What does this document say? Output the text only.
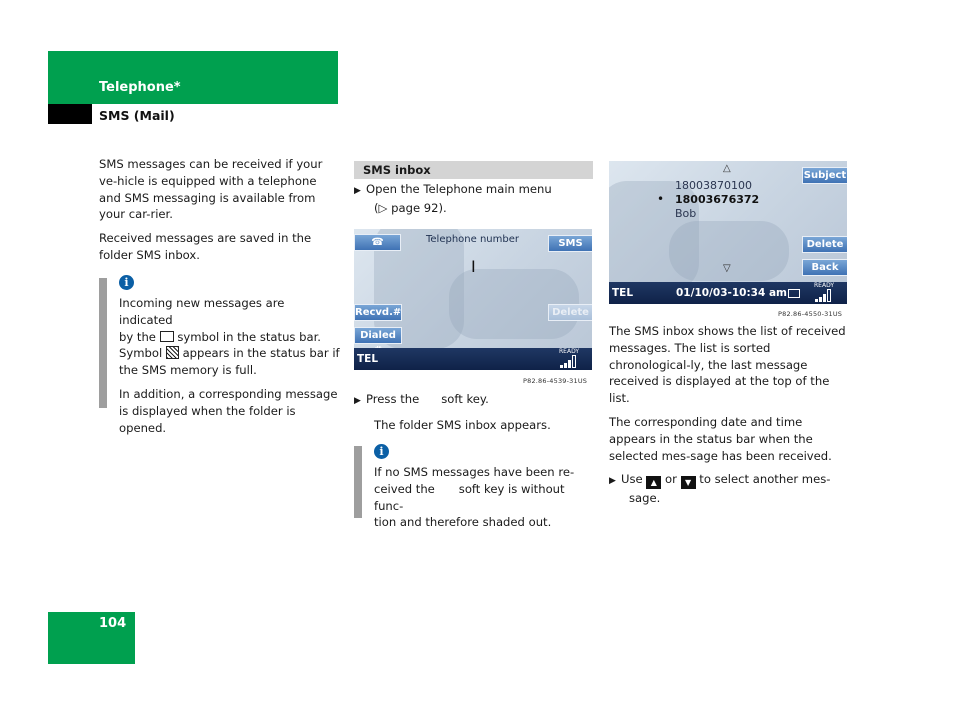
Telephone*
SMS (Mail)

SMS messages can be received if your ve-hicle is equipped with a telephone and SMS messaging is available from your car-rier.

Received messages are saved in the folder SMS inbox.

i
Incoming new messages are indicated
by the symbol in the status bar.
Symbol appears in the status bar if
the SMS memory is full.
In addition, a corresponding message is displayed when the folder is opened.
SMS inbox
▶ Open the Telephone main menu
(▷ page 92).
☎	Telephone number	SMS
I
Recvd.#	Delete
Dialed
TEL
READY
P82.86-4539-31US
▶ Press the soft key.
The folder SMS inbox appears.
i
If no SMS messages have been re-
ceived the soft key is without func-
tion and therefore shaded out.
△
18003870100
• 18003676372
Bob
Subject
Delete
Back
▽
TEL	01/10/03-10:34 am
READY
P82.86-4550-31US

The SMS inbox shows the list of received messages. The list is sorted chronological-ly, the last message received is displayed at the top of the list.

The corresponding date and time appears in the status bar when the selected mes-sage has been received.

▶ Use ▲ or ▼ to select another mes-
sage.
104
